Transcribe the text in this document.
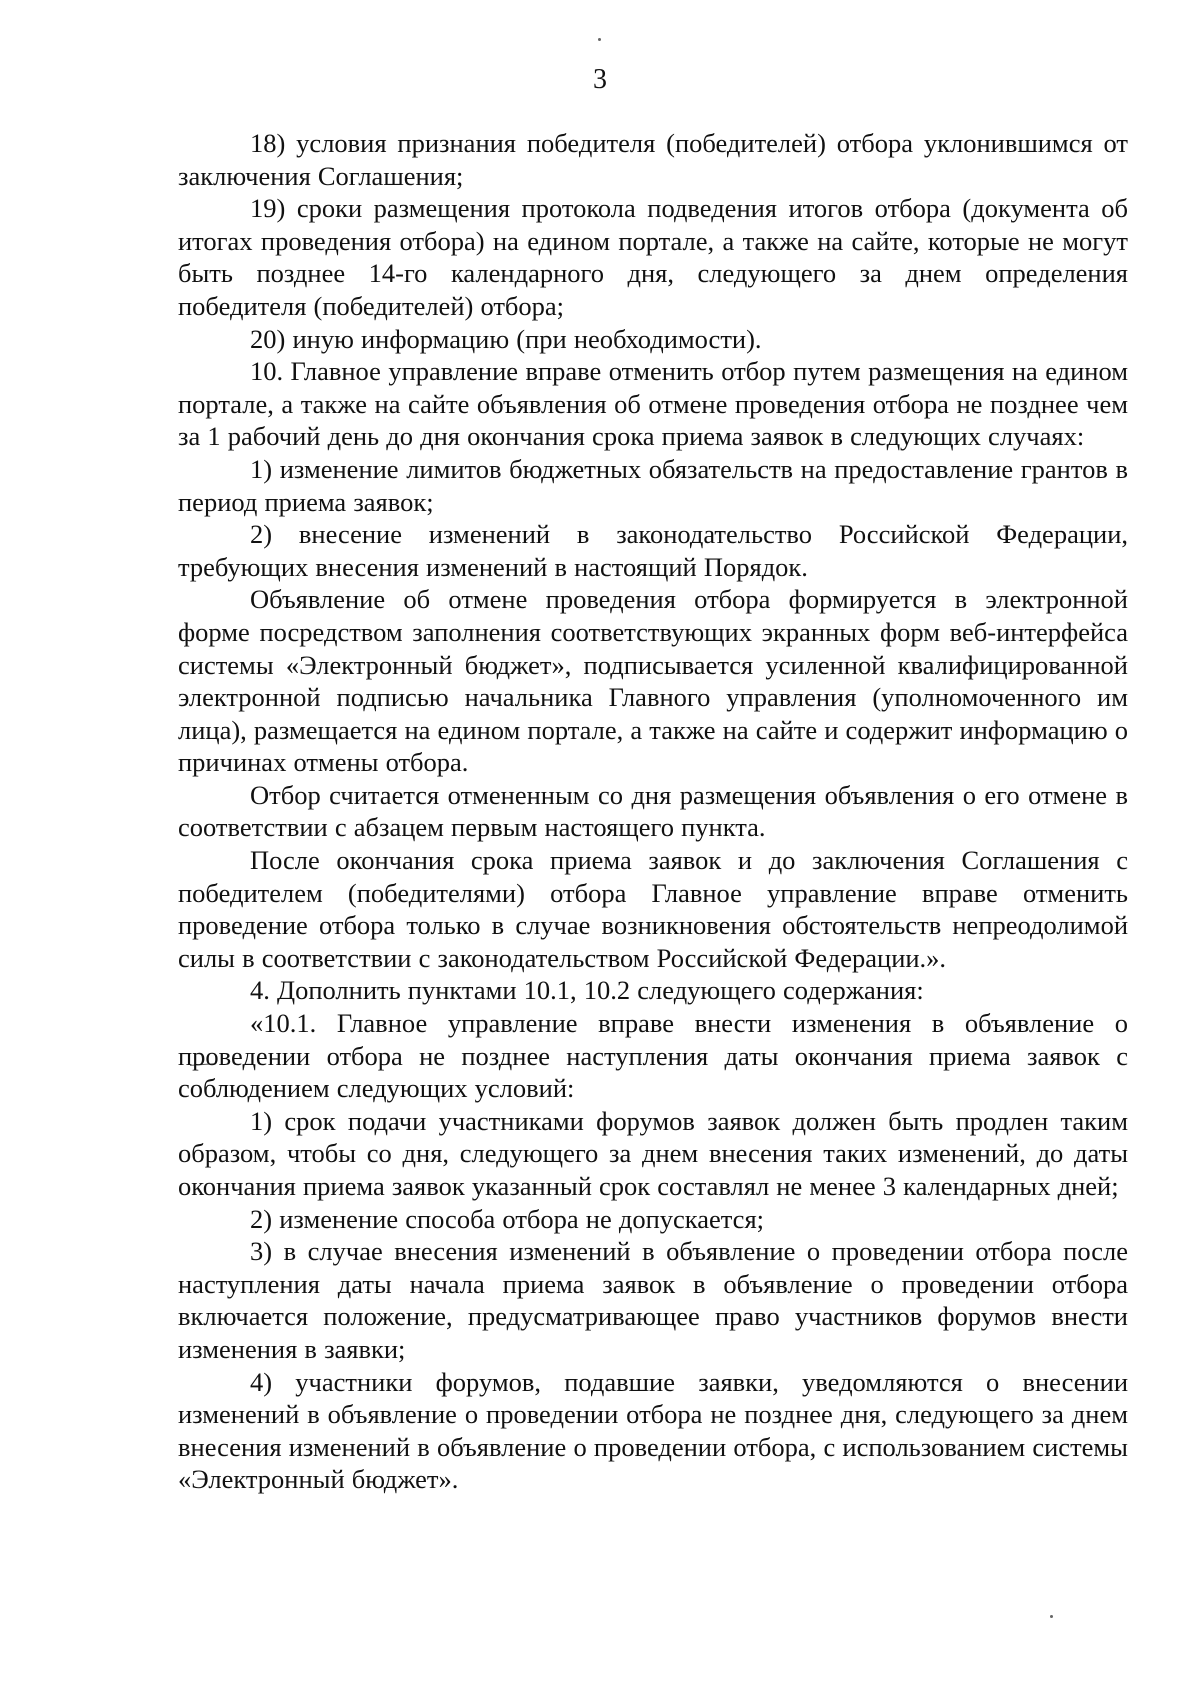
3

18) условия признания победителя (победителей) отбора уклонившимся от заключения Соглашения;

19) сроки размещения протокола подведения итогов отбора (документа об итогах проведения отбора) на едином портале, а также на сайте, которые не могут быть позднее 14-го календарного дня, следующего за днем определения победителя (победителей) отбора;

20) иную информацию (при необходимости).

10. Главное управление вправе отменить отбор путем размещения на едином портале, а также на сайте объявления об отмене проведения отбора не позднее чем за 1 рабочий день до дня окончания срока приема заявок в следующих случаях:

1) изменение лимитов бюджетных обязательств на предоставление грантов в период приема заявок;

2) внесение изменений в законодательство Российской Федерации, требующих внесения изменений в настоящий Порядок.

Объявление об отмене проведения отбора формируется в электронной форме посредством заполнения соответствующих экранных форм веб-интерфейса системы «Электронный бюджет», подписывается усиленной квалифицированной электронной подписью начальника Главного управления (уполномоченного им лица), размещается на едином портале, а также на сайте и содержит информацию о причинах отмены отбора.

Отбор считается отмененным со дня размещения объявления о его отмене в соответствии с абзацем первым настоящего пункта.

После окончания срока приема заявок и до заключения Соглашения с победителем (победителями) отбора Главное управление вправе отменить проведение отбора только в случае возникновения обстоятельств непреодолимой силы в соответствии с законодательством Российской Федерации.».

4. Дополнить пунктами 10.1, 10.2 следующего содержания:

«10.1. Главное управление вправе внести изменения в объявление о проведении отбора не позднее наступления даты окончания приема заявок с соблюдением следующих условий:

1) срок подачи участниками форумов заявок должен быть продлен таким образом, чтобы со дня, следующего за днем внесения таких изменений, до даты окончания приема заявок указанный срок составлял не менее 3 календарных дней;

2) изменение способа отбора не допускается;

3) в случае внесения изменений в объявление о проведении отбора после наступления даты начала приема заявок в объявление о проведении отбора включается положение, предусматривающее право участников форумов внести изменения в заявки;

4) участники форумов, подавшие заявки, уведомляются о внесении изменений в объявление о проведении отбора не позднее дня, следующего за днем внесения изменений в объявление о проведении отбора, с использованием системы «Электронный бюджет».
